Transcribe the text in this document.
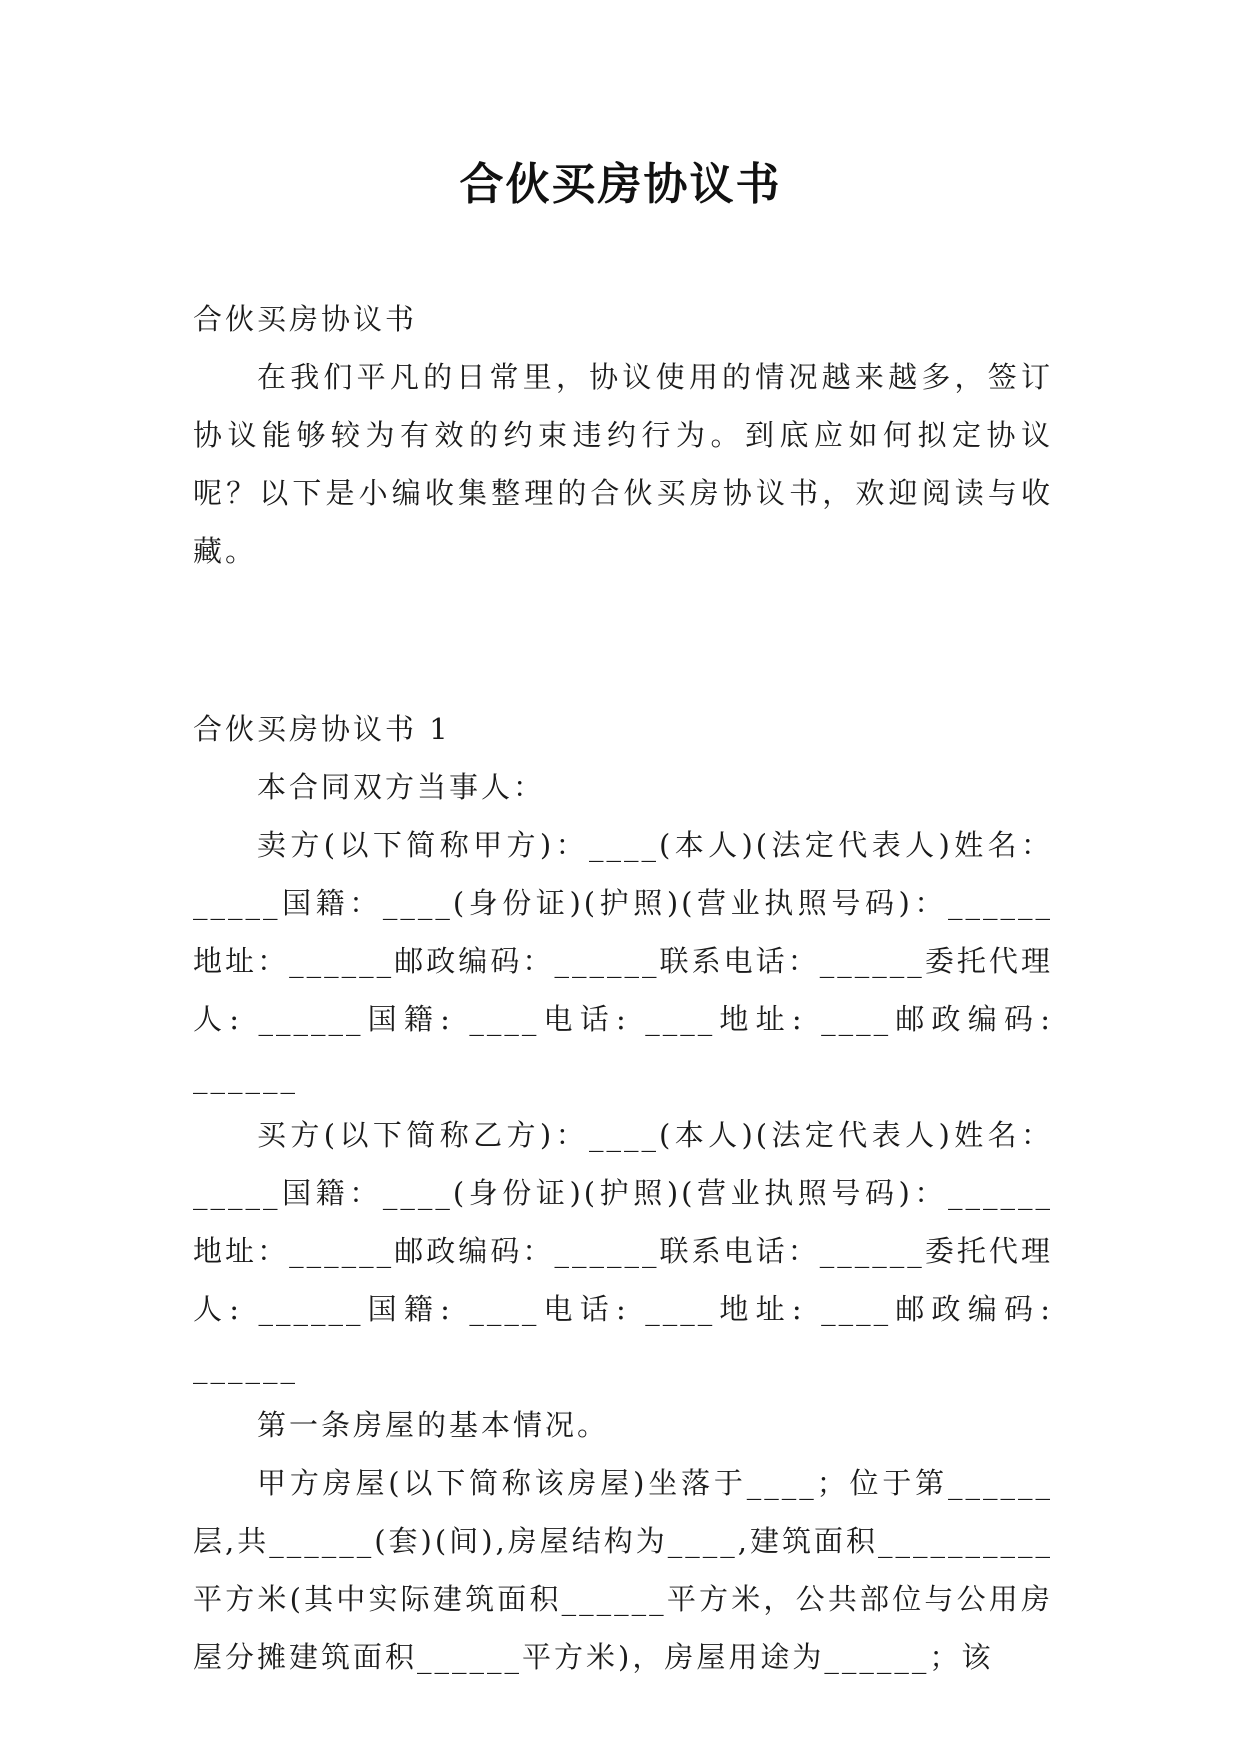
合伙买房协议书

合伙买房协议书

在我们平凡的日常里，协议使用的情况越来越多，签订协议能够较为有效的约束违约行为。到底应如何拟定协议呢？以下是小编收集整理的合伙买房协议书，欢迎阅读与收藏。

合伙买房协议书 1

本合同双方当事人：

卖方(以下简称甲方)：____(本人)(法定代表人)姓名：_____国籍：____(身份证)(护照)(营业执照号码)：______地址：______邮政编码：______联系电话：______委托代理人: ______国籍: ____电话: ____地址: ____邮政编码: ______

买方(以下简称乙方)：____(本人)(法定代表人)姓名：_____国籍：____(身份证)(护照)(营业执照号码)：______地址：______邮政编码：______联系电话：______委托代理人: ______国籍: ____电话: ____地址: ____邮政编码: ______

第一条房屋的基本情况。

甲方房屋(以下简称该房屋)坐落于____；位于第______层,共______(套)(间),房屋结构为____,建筑面积__________平方米(其中实际建筑面积______平方米，公共部位与公用房屋分摊建筑面积______平方米)，房屋用途为______；该
